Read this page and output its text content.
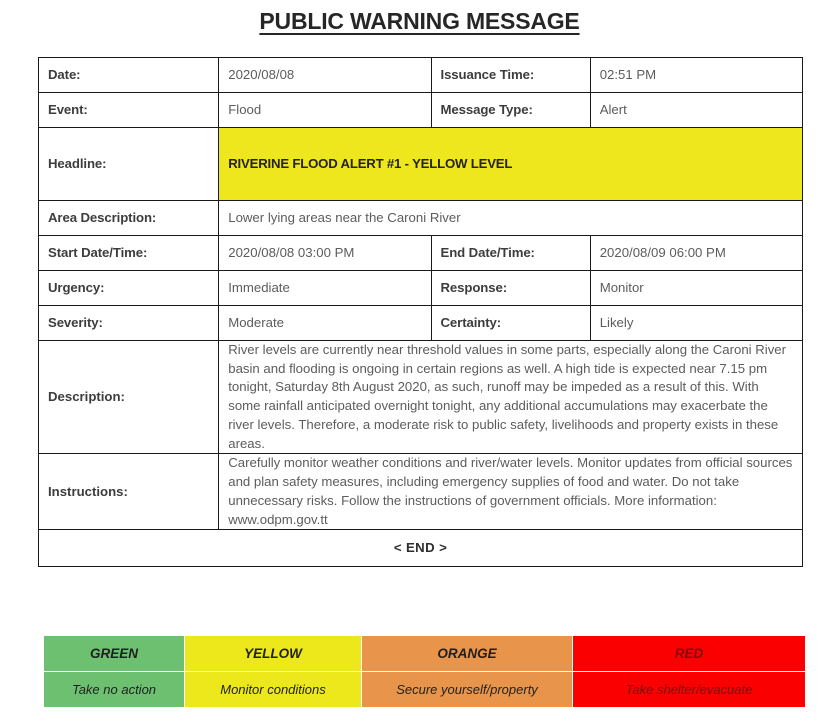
PUBLIC WARNING MESSAGE
Date:	2020/08/08	Issuance Time:	02:51 PM
Event:	Flood	Message Type:	Alert
Headline:	RIVERINE FLOOD ALERT #1 - YELLOW LEVEL		
Area Description:	Lower lying areas near the Caroni River		
Start Date/Time:	2020/08/08 03:00 PM	End Date/Time:	2020/08/09 06:00 PM
Urgency:	Immediate	Response:	Monitor
Severity:	Moderate	Certainty:	Likely
Description:	River levels are currently near threshold values in some parts, especially along the Caroni River basin and flooding is ongoing in certain regions as well. A high tide is expected near 7.15 pm tonight, Saturday 8th August 2020, as such, runoff may be impeded as a result of this. With some rainfall anticipated overnight tonight, any additional accumulations may exacerbate the river levels. Therefore, a moderate risk to public safety, livelihoods and property exists in these areas.		
Instructions:	Carefully monitor weather conditions and river/water levels. Monitor updates from official sources and plan safety measures, including emergency supplies of food and water. Do not take unnecessary risks. Follow the instructions of government officials. More information: www.odpm.gov.tt		
< END >			
GREEN	YELLOW	ORANGE	RED
Take no action	Monitor conditions	Secure yourself/property	Take shelter/evacuate
